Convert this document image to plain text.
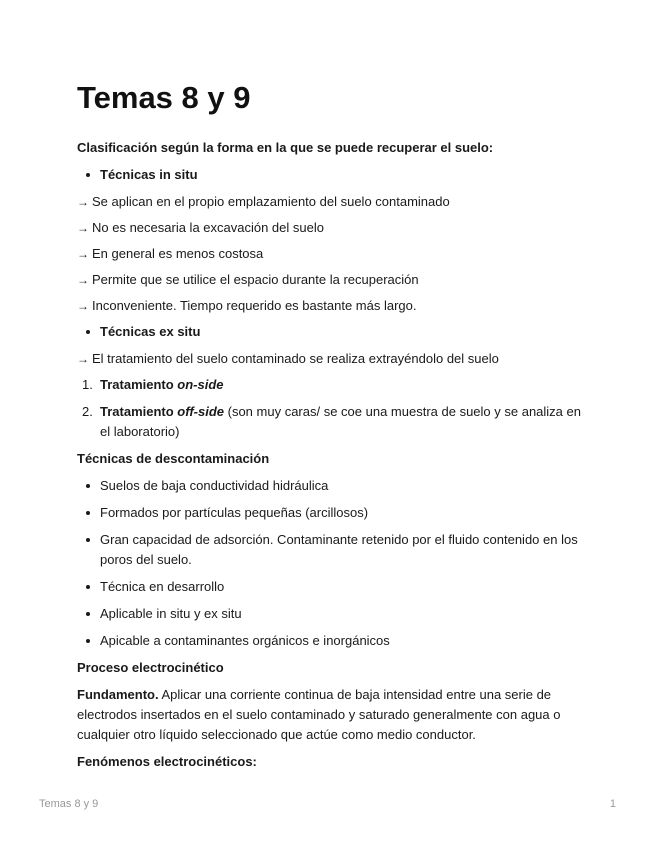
Temas 8 y 9

Clasificación según la forma en la que se puede recuperar el suelo:

Técnicas in situ
→ Se aplican en el propio emplazamiento del suelo contaminado
→ No es necesaria la excavación del suelo
→ En general es menos costosa
→ Permite que se utilice el espacio durante la recuperación
→ Inconveniente. Tiempo requerido es bastante más largo.
Técnicas ex situ
→ El tratamiento del suelo contaminado se realiza extrayéndolo del suelo
1. Tratamiento on-side
2. Tratamiento off-side (son muy caras/ se coe una muestra de suelo y se analiza en el laboratorio)

Técnicas de descontaminación

Suelos de baja conductividad hidráulica
Formados por partículas pequeñas (arcillosos)
Gran capacidad de adsorción. Contaminante retenido por el fluido contenido en los poros del suelo.
Técnica en desarrollo
Aplicable in situ y ex situ
Apicable a contaminantes orgánicos e inorgánicos

Proceso electrocinético

Fundamento. Aplicar una corriente continua de baja intensidad entre una serie de electrodos insertados en el suelo contaminado y saturado generalmente con agua o cualquier otro líquido seleccionado que actúe como medio conductor.

Fenómenos electrocinéticos:

Temas 8 y 9	1
